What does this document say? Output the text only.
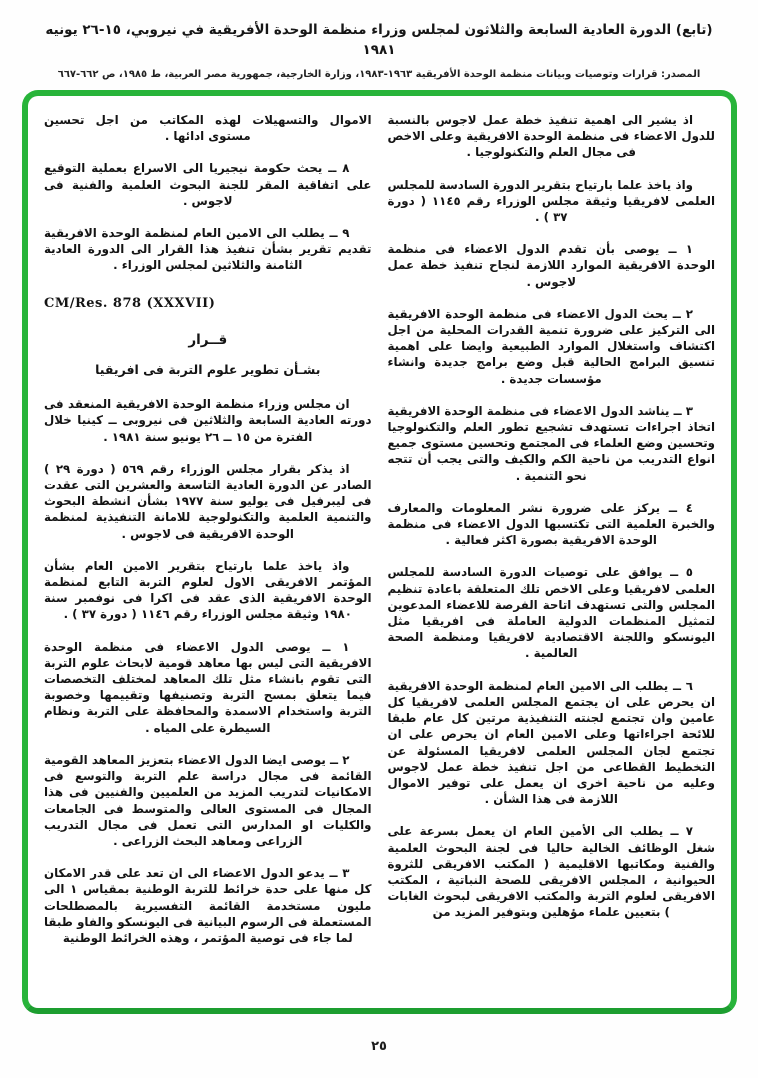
(تابع) الدورة العادية السابعة والثلاثون لمجلس وزراء منظمة الوحدة الأفريقية في نيروبي، ١٥-٢٦ يونيه ١٩٨١
المصدر: قرارات وتوصيات وبيانات منظمة الوحدة الأفريقية ١٩٦٣-١٩٨٣، وزارة الخارجية، جمهورية مصر العربية، ط ١٩٨٥، ص ٦٦٢-٦٦٧

اذ يشير الى اهمية تنفيذ خطة عمل لاجوس بالنسبة للدول الاعضاء فى منظمة الوحدة الافريقية وعلى الاخص فى مجال العلم والتكنولوجيا .

واذ ياخذ علما بارتياح بتقرير الدورة السادسة للمجلس العلمى لافريقيا وثيقة مجلس الوزراء رقم ١١٤٥ ( دورة ٣٧ ) .

١ ــ يوصى بأن تقدم الدول الاعضاء فى منظمة الوحدة الافريقية الموارد اللازمة لنجاح تنفيذ خطة عمل لاجوس .

٢ ــ يحث الدول الاعضاء فى منظمة الوحدة الافريقية الى التركيز على ضرورة تنمية القدرات المحلية من اجل اكتشاف واستغلال الموارد الطبيعية وايضا على اهمية تنسيق البرامج الحالية قبل وضع برامج جديدة وانشاء مؤسسات جديدة .

٣ ــ يناشد الدول الاعضاء فى منظمة الوحدة الافريقية اتخاذ اجراءات تستهدف تشجيع تطور العلم والتكنولوجيا وتحسين وضع العلماء فى المجتمع وتحسين مستوى جميع انواع التدريب من ناحية الكم والكيف والتى يجب أن تتجه نحو التنمية .

٤ ــ يركز على ضرورة نشر المعلومات والمعارف والخبرة العلمية التى تكتسبها الدول الاعضاء فى منظمة الوحدة الافريقية بصورة اكثر فعالية .

٥ ــ يوافق على توصيات الدورة السادسة للمجلس العلمى لافريقيا وعلى الاخص تلك المتعلقة باعادة تنظيم المجلس والتى تستهدف اتاحة الفرصة للاعضاء المدعوين لتمثيل المنظمات الدولية العاملة فى افريقيا مثل اليونسكو واللجنة الاقتصادية لافريقيا ومنظمة الصحة العالمية .

٦ ــ يطلب الى الامين العام لمنظمة الوحدة الافريقية ان يحرص على ان يجتمع المجلس العلمى لافريقيا كل عامين وان تجتمع لجنته التنفيذية مرتين كل عام طبقا للائحة اجراءاتها وعلى الامين العام ان يحرص على ان تجتمع لجان المجلس العلمى لافريقيا المسئولة عن التخطيط القطاعى من اجل تنفيذ خطة عمل لاجوس وعليه من ناحية اخرى ان يعمل على توفير الاموال اللازمة فى هذا الشأن .

٧ ــ يطلب الى الأمين العام ان يعمل بسرعة على شغل الوظائف الخالية حاليا فى لجنة البحوث العلمية والفنية ومكاتبها الاقليمية ( المكتب الافريقى للثروة الحيوانية ، المجلس الافريقى للصحة النباتية ، المكتب الافريقى لعلوم التربة والمكتب الافريقى لبحوث الغابات ) بتعيين علماء مؤهلين وبتوفير المزيد من

الاموال والتسهيلات لهذه المكاتب من اجل تحسين مستوى ادائها .

٨ ــ يحث حكومة نيجيريا الى الاسراع بعملية التوقيع على اتفاقية المقر للجنة البحوث العلمية والفنية فى لاجوس .

٩ ــ يطلب الى الامين العام لمنظمة الوحدة الافريقية تقديم تقرير بشأن تنفيذ هذا القرار الى الدورة العادية الثامنة والثلاثين لمجلس الوزراء .

CM/Res. 878 (XXXVII)
قــرار
بشـأن تطوير علوم التربة فى افريقيا

ان مجلس وزراء منظمة الوحدة الافريقية المنعقد فى دورته العادية السابعة والثلاثين فى نيروبى ــ كينيا خلال الفترة من ١٥ ــ ٢٦ يونيو سنة ١٩٨١ .

اذ يذكر بقرار مجلس الوزراء رقم ٥٦٩ ( دورة ٢٩ ) الصادر عن الدورة العادية التاسعة والعشرين التى عقدت فى ليبرفيل فى يوليو سنة ١٩٧٧ بشأن انشطة البحوث والتنمية العلمية والتكنولوجية للامانة التنفيذية لمنظمة الوحدة الافريقية فى لاجوس .

واذ ياخذ علما بارتياح بتقرير الامين العام بشأن المؤتمر الافريقى الاول لعلوم التربة التابع لمنظمة الوحدة الافريقية الذى عقد فى اكرا فى نوفمبر سنة ١٩٨٠ وثيقة مجلس الوزراء رقم ١١٤٦ ( دورة ٣٧ ) .

١ ــ يوصى الدول الاعضاء فى منظمة الوحدة الافريقية التى ليس بها معاهد قومية لابحاث علوم التربة التى تقوم بانشاء مثل تلك المعاهد لمختلف التخصصات فيما يتعلق بمسح التربة وتصنيفها وتقييمها وخصوبة التربة واستخدام الاسمدة والمحافظة على التربة ونظام السيطرة على المياه .

٢ ــ يوصى ايضا الدول الاعضاء بتعزيز المعاهد القومية القائمة فى مجال دراسة علم التربة والتوسع فى الامكانيات لتدريب المزيد من العلميين والفنيين فى هذا المجال فى المستوى العالى والمتوسط فى الجامعات والكليات او المدارس التى تعمل فى مجال التدريب الزراعى ومعاهد البحث الزراعى .

٣ ــ يدعو الدول الاعضاء الى ان تعد على قدر الامكان كل منها على حدة خرائط للتربة الوطنية بمقياس ١ الى مليون مستخدمة القائمة التفسيرية بالمصطلحات المستعملة فى الرسوم البيانية فى اليونسكو والفاو طبقا لما جاء فى توصية المؤتمر ، وهذه الخرائط الوطنية

٢٥
